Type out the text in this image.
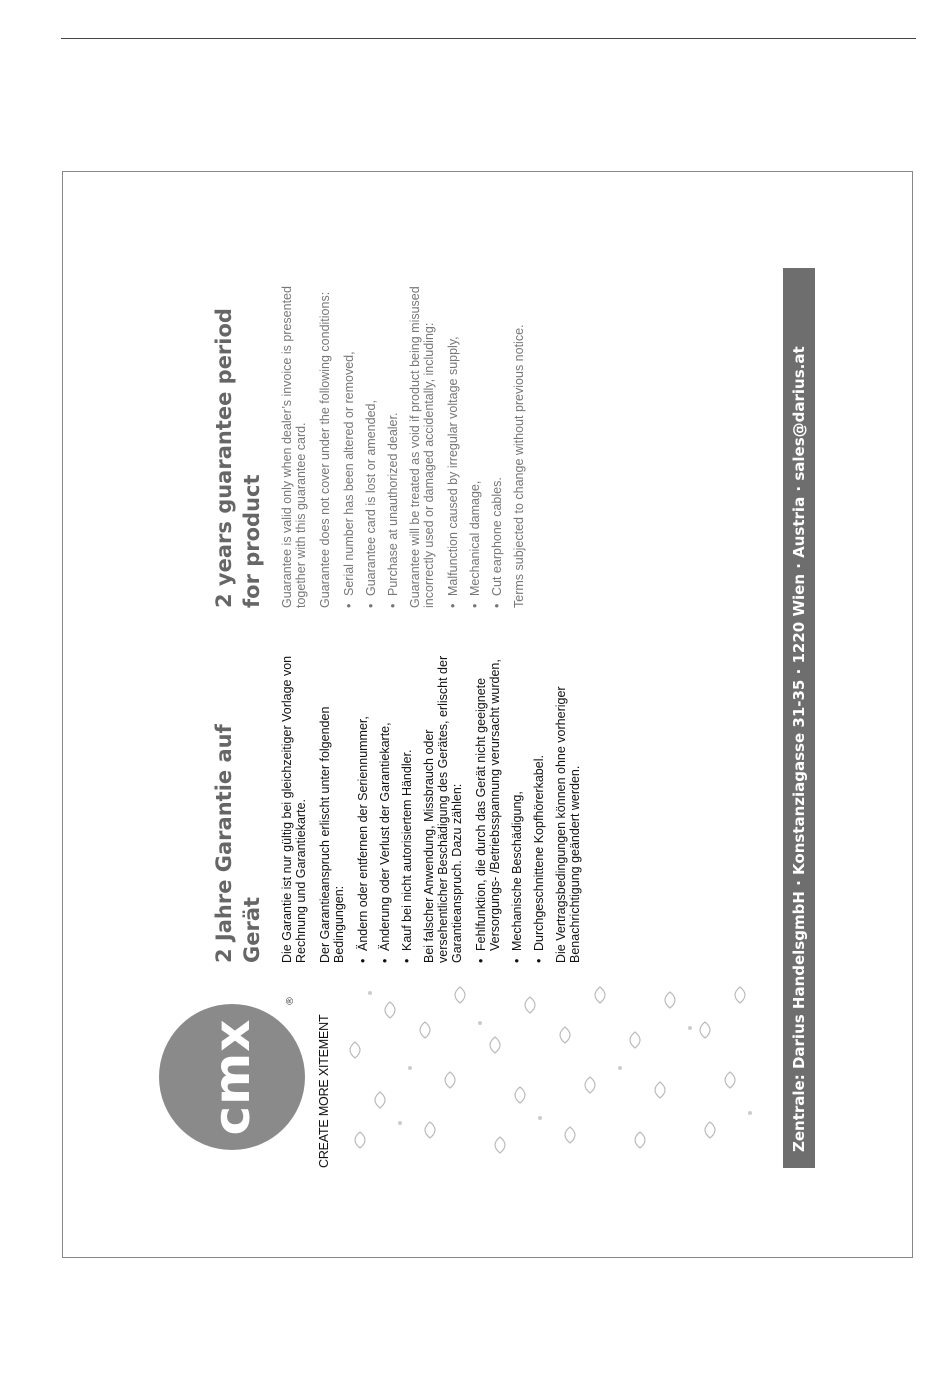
cmx
®
CREATE MORE XITEMENT
2 Jahre Garantie auf Gerät Die Garantie ist nur gültig bei gleichzeitiger Vorlage von Rechnung und Garantiekarte. Der Garantieanspruch erlischt unter folgenden Bedingungen: • Ändern oder entfernen der Seriennummer, • Änderung oder Verlust der Garantiekarte, • Kauf bei nicht autorisiertem Händler. Bei falscher Anwendung, Missbrauch oder versehentlicher Beschädigung des Gerätes, erlischt der Garantieanspruch. Dazu zählen: • Fehlfunktion, die durch das Gerät nicht geeignete Versorgungs- /Betriebsspannung verursacht wurden, • Mechanische Beschädigung, • Durchgeschnittene Kopfhörerkabel. Die Vertragsbedingungen können ohne vorheriger Benachrichtigung geändert werden.
2 years guarantee period for product Guarantee is valid only when dealer’s invoice is presented together with this guarantee card. Guarantee does not cover under the following conditions: • Serial number has been altered or removed, • Guarantee card is lost or amended, • Purchase at unauthorized dealer. Guarantee will be treated as void if product being misused incorrectly used or damaged accidentally, including: • Malfunction caused by irregular voltage supply, • Mechanical damage, • Cut earphone cables. Terms subjected to change without previous notice.	Zentrale: Darius HandelsgmbH · Konstanziagasse 31-35 · 1220 Wien · Austria · sales@darius.at
